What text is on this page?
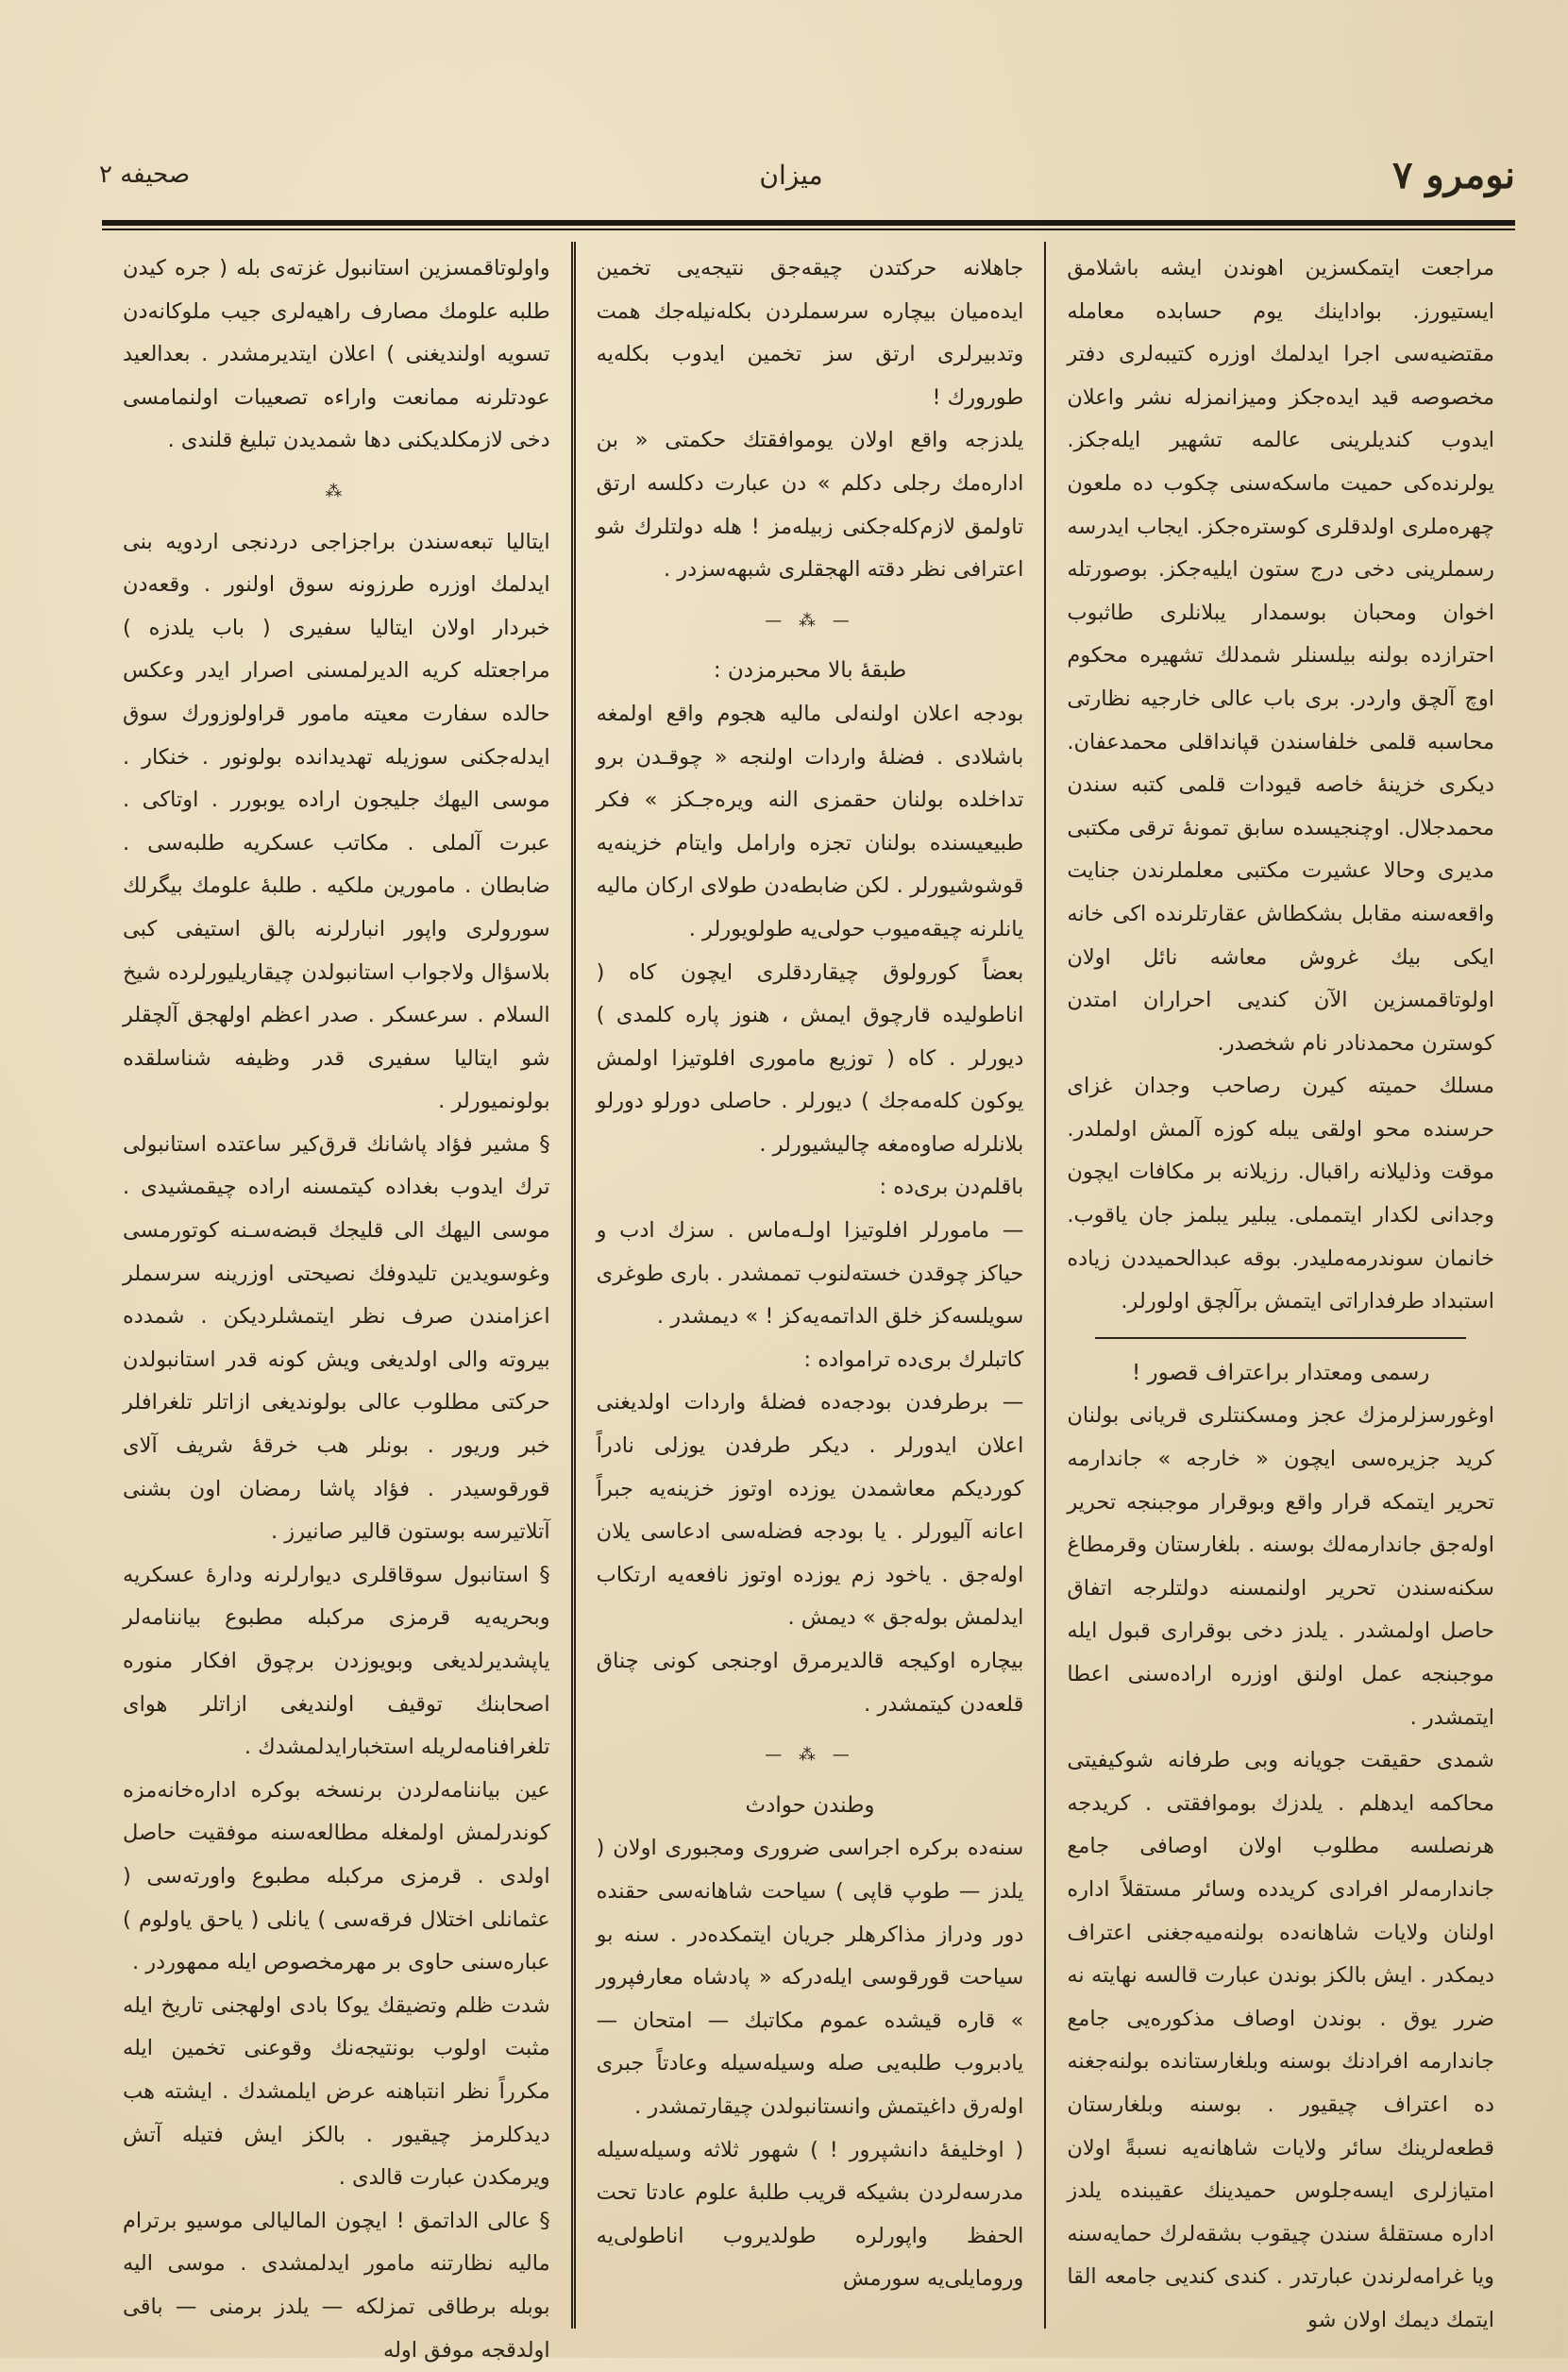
نومرو ٧
ميزان
صحيفه ٢

مراجعت ايتمكسزين اهوندن ايشه باشلامق ايستيورز. بواداينك يوم حسابده معامله مقتضيه‌سى اجرا ايدلمك اوزره كتيبه‌لرى دفتر مخصوصه قيد ايده‌جكز وميزانمزله نشر واعلان ايدوب كنديلرينى عالمه تشهير ايله‌جكز. يولرنده‌كى حميت ماسكه‌سنى چكوب ده ملعون چهره‌ملرى اولدقلرى كوستره‌جكز. ايجاب ايدرسه رسملرينى دخى درج ستون ايليه‌جكز. بوصورتله اخوان ومحبان بوسمدار يبلانلرى طاثبوب احترازده بولنه بيلسنلر شمدلك تشهيره محكوم اوچ آلچق واردر. برى باب عالى خارجيه نظارتى محاسبه قلمى خلفاسندن قپانداقلى محمدعفان. ديكرى خزينهٔ خاصه قيودات قلمى كتبه سندن محمدجلال. اوچنجيسده سابق تمونهٔ ترقى مكتبى مديرى وحالا عشيرت مكتبى معلملرندن جنايت واقعه‌سنه مقابل بشكطاش عقارتلرنده اكى خانه ايكى بيك غروش معاشه نائل اولان اولوتاقمسزين الآن كنديى احراران امتدن كوسترن محمدنادر نام شخصدر.

مسلك حميته كيرن رصاحب وجدان غزاى حرسنده محو اولقى يبله كوزه آلمش اولملدر. موقت وذليلانه راقبال. رزيلانه بر مكافات ايچون وجدانى لكدار ايتمملى. يبلير يبلمز جان ياقوب. خانمان سوندرمه‌مليدر. بوقه عبدالحميددن زياده استبداد طرفداراتى ايتمش برآلچق اولورلر.

رسمى ومعتدار براعتراف قصور !

اوغورسزلرمزك عجز ومسكنتلرى قريانى بولنان كريد جزيره‌سى ايچون « خارجه » جاندارمه تحرير ايتمكه قرار واقع وبوقرار موجبنجه تحرير اوله‌جق جاندارمه‌لك بوسنه . بلغارستان وقرمطاغ سكنه‌سندن تحرير اولنمسنه دولتلرجه اتفاق حاصل اولمشدر . يلدز دخى بوقرارى قبول ايله موجبنجه عمل اولنق اوزره اراده‌سنى اعطا ايتمشدر .

شمدى حقيقت جويانه وبى طرفانه شوكيفيتى محاكمه ايدهلم . يلدزك بوموافقتى . كريدجه هرنصلسه مطلوب اولان اوصافى جامع جاندارمه‌لر افرادى كريدده وسائر مستقلاً اداره اولنان ولايات شاهانه‌ده بولنه‌ميه‌جغنى اعتراف ديمكدر . ايش بالكز بوندن عبارت قالسه نهايته نه ضرر يوق . بوندن اوصاف مذكوره‌يى جامع جاندارمه افرادنك بوسنه وبلغارستانده بولنه‌جغنه ده اعتراف چيقيور . بوسنه وبلغارستان قطعه‌لرينك سائر ولايات شاهانه‌يه نسبةً اولان امتيازلرى ايسه‌جلوس حميدينك عقيبنده يلدز اداره مستقلهٔ سندن چيقوب بشقه‌لرك حمايه‌سنه ويا غرامه‌لرندن عبارتدر . كندى كنديى جامعه القا ايتمك ديمك اولان شو

جاهلانه حركتدن چيقه‌جق نتيجه‌يى تخمين ايده‌ميان بيچاره سرسملردن بكله‌نيله‌جك همت وتدبيرلرى ارتق سز تخمين ايدوب بكله‌يه طورورك !

يلدزجه واقع اولان يوموافقتك حكمتى « بن اداره‌مك رجلى دكلم » دن عبارت دكلسه ارتق تاولمق لازم‌كله‌جكنى زبيله‌مز ! هله دولتلرك شو اعترافى نظر دقته الهجقلرى شبهه‌سزدر .

— ⁂ —

طبقهٔ بالا محبرمزدن :

بودجه اعلان اولنه‌لى ماليه هجوم واقع اولمغه باشلادى . فضلهٔ واردات اولنجه « چوقـدن برو تداخلده بولنان حقمزى النه ويره‌جـكز » فكر طبيعيسنده بولنان تجزه وارامل وايتام خزينه‌يه قوشوشيورلر . لكن ضابطه‌دن طولاى اركان ماليه يانلرنه چيقه‌ميوب حولى‌يه طولويورلر .

بعضاً كورولوق چيقاردقلرى ايچون كاه ( اناطوليده قارچوق ايمش ، هنوز پاره كلمدى ) ديورلر . كاه ( توزيع مامورى افلوتيزا اولمش يوكون كله‌مه‌جك ) ديورلر . حاصلى دورلو دورلو بلانلرله صاوه‌مغه چاليشيورلر .

باقلم‌دن برى‌ده :

— مامورلر افلوتيزا اولـه‌ماس . سزك ادب و حياكز چوقدن خسته‌لنوب تممشدر . بارى طوغرى سويلسه‌كز خلق الداتمه‌يه‌كز ! » ديمشدر .

كاتبلرك برى‌ده ترامواده :

— برطرفدن بودجه‌ده فضلهٔ واردات اولديغنى اعلان ايدورلر . ديكر طرفدن يوزلى نادراً كورديكم معاشمدن يوزده اوتوز خزينه‌يه جبراً اعانه آليورلر . يا بودجه فضله‌سى ادعاسى يلان اوله‌جق . ياخود زم يوزده اوتوز نافعه‌يه ارتكاب ايدلمش بوله‌جق » ديمش .

بيچاره اوكيجه قالدير‌مرق اوجنجى كونى چناق قلعه‌دن كيتمشدر .

— ⁂ —

وطندن حوادث

سنه‌ده بركره اجراسى ضرورى ومجبورى اولان ( يلدز — طوپ قاپى ) سياحت شاهانه‌سى حقنده دور ودراز مذاكرهلر جريان ايتمكده‌در . سنه بو سياحت قورقوسى ايله‌دركه « پادشاه معارفپرور » قاره قيشده عموم مكاتبك — امتحان — يادبروب طلبه‌يى صله وسيله‌سيله وعادتاً جبرى اوله‌رق داغيتمش وانستانبولدن چيقارتمشدر .

( اوخليفهٔ دانشپرور ! ) شهور ثلاثه وسيله‌سيله مدرسه‌لردن بشيكه قريب طلبهٔ علوم عادتا تحت الحفظ واپورلره طولديروب اناطولى‌يه ورومايلى‌يه سورمش

واولوتاقمسزين استانبول غزته‌ى بله ( جره كيدن طلبه علومك مصارف راهيه‌لرى جيب ملوكانه‌دن تسويه اولنديغنى ) اعلان ايتديرمشدر . بعدالعيد عودتلرنه ممانعت واراءه تصعيبات اولنمامسى دخى لازمكلديكنى دها شمدیدن تبليغ قلندى .

⁂

ايتاليا تبعه‌سندن براجزاجى دردنجى اردويه بنى ايدلمك اوزره طرزونه سوق اولنور . وقعه‌دن خبردار اولان ايتاليا سفيرى ( باب يلدزه ) مراجعتله كريه الديرلمسنى اصرار ايدر وعكس حالده سفارت معيته مامور قراولوزورك سوق ايدله‌جكنى سوزيله تهديدانده بولونور . خنكار . موسى اليهك جليجون اراده يوبورر . اوتاكى . عبرت آلملى . مكاتب عسكريه طلبه‌سى . ضابطان . مامورين ملكيه . طلبهٔ علومك بيگرلك سورولرى واپور انبارلرنه بالق استيفى كبى بلاسؤال ولاجواب استانبولدن چيقاريليورلرده شيخ السلام . سرعسكر . صدر اعظم اولهجق آلچقلر شو ايتاليا سفيرى قدر وظيفه شناسلقده بولونميورلر .

§ مشير فؤاد پاشانك قرق‌كير ساعتده استانبولى ترك ايدوب بغداده كيتمسنه اراده چيقمشيدى . موسى اليهك الى قليجك قبضه‌سـنه كوتورمسى وغوسويدين تليدوفك نصيحتى اوزرينه سرسملر اعزامندن صرف نظر ايتمشلرديكن . شمدده بيروته والى اولديغى ويش كونه قدر استانبولدن حركتى مطلوب عالى بولونديغى ازاتلر تلغرافلر خبر وريور . بونلر هب خرقهٔ شريف آلاى قورقوسيدر . فؤاد پاشا رمضان اون بشنى آتلاتيرسه بوستون قالير صانيرز .

§ استانبول سوقاقلرى ديوارلرنه ودارهٔ عسكريه وبحريه‌يه قرمزى مركبله مطبوع بياننامه‌لر ياپشديرلديغى وبويوزدن برچوق افكار منوره اصحابنك توقيف اولنديغى ازاتلر هواى تلغرافنامه‌لريله استخبارايدلمشدك .

عين بياننامه‌لردن برنسخه بوكره اداره‌خانه‌مزه كوندرلمش اولمغله مطالعه‌سنه موفقيت حاصل اولدى . قرمزى مركبله مطبوع واورته‌سى ( عثمانلى اختلال فرقه‌سى ) يانلى ( ياحق ياولوم ) عباره‌سنى حاوى بر مهرمخصوص ايله ممهوردر .

شدت ظلم وتضيقك يوكا بادى اولهجنى تاريخ ايله مثبت اولوب بونتيجه‌نك وقوعنى تخمين ايله مكرراً نظر انتباهنه عرض ايلمشدك . ايشته هب ديدكلرمز چيقيور . بالكز ايش فتيله آتش ويرمكدن عبارت قالدى .

§ عالى الداتمق ! ايچون الماليالى موسيو برترام ماليه نظارتنه مامور ايدلمشدى . موسى اليه بوبله برطاقى تمزلكه — يلدز برمنى — باقى اولدقجه موفق اوله
